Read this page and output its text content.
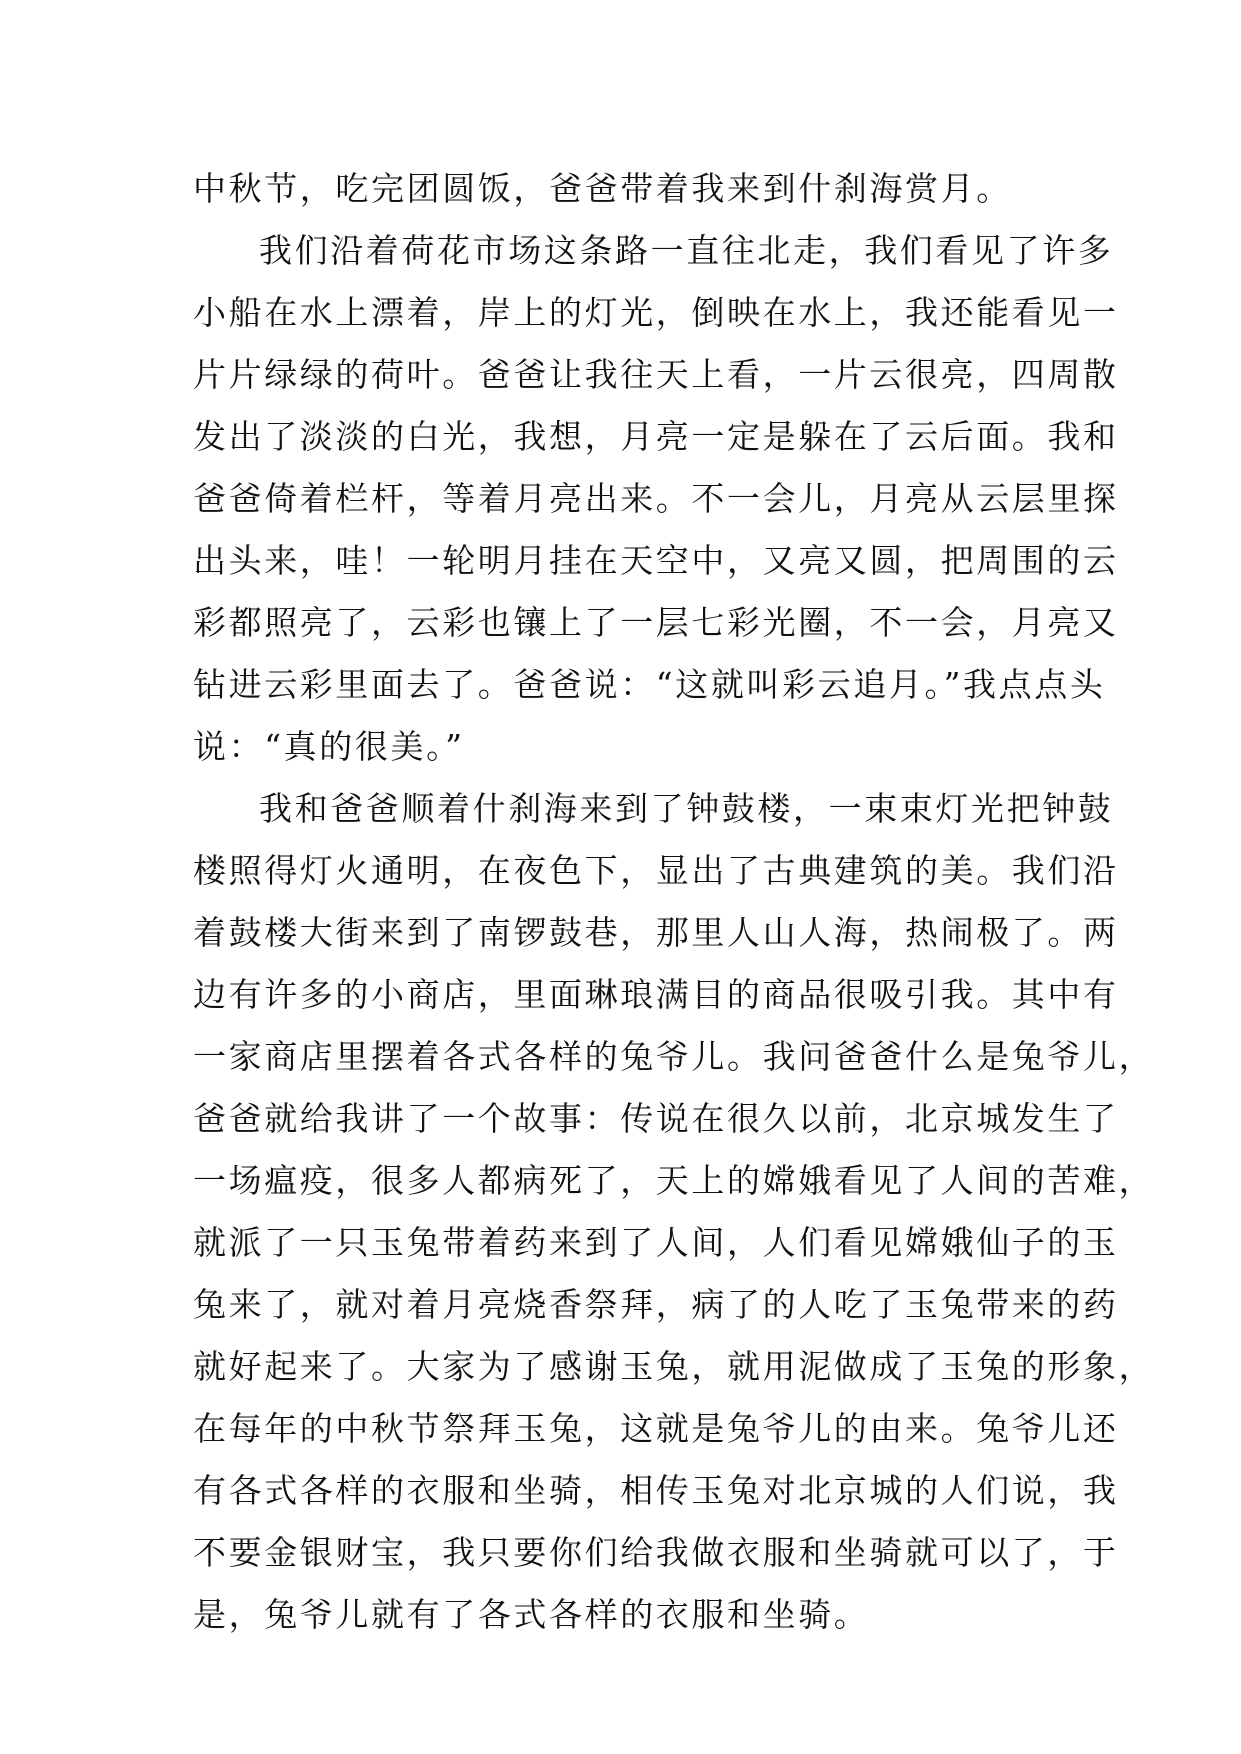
中秋节，吃完团圆饭，爸爸带着我来到什刹海赏月。
我们沿着荷花市场这条路一直往北走，我们看见了许多
小船在水上漂着，岸上的灯光，倒映在水上，我还能看见一
片片绿绿的荷叶。爸爸让我往天上看，一片云很亮，四周散
发出了淡淡的白光，我想，月亮一定是躲在了云后面。我和
爸爸倚着栏杆，等着月亮出来。不一会儿，月亮从云层里探
出头来，哇！一轮明月挂在天空中，又亮又圆，把周围的云
彩都照亮了，云彩也镶上了一层七彩光圈，不一会，月亮又
钻进云彩里面去了。爸爸说：“这就叫彩云追月。”我点点头
说：“真的很美。”
我和爸爸顺着什刹海来到了钟鼓楼，一束束灯光把钟鼓
楼照得灯火通明，在夜色下，显出了古典建筑的美。我们沿
着鼓楼大街来到了南锣鼓巷，那里人山人海，热闹极了。两
边有许多的小商店，里面琳琅满目的商品很吸引我。其中有
一家商店里摆着各式各样的兔爷儿。我问爸爸什么是兔爷儿，
爸爸就给我讲了一个故事：传说在很久以前，北京城发生了
一场瘟疫，很多人都病死了，天上的嫦娥看见了人间的苦难，
就派了一只玉兔带着药来到了人间，人们看见嫦娥仙子的玉
兔来了，就对着月亮烧香祭拜，病了的人吃了玉兔带来的药
就好起来了。大家为了感谢玉兔，就用泥做成了玉兔的形象，
在每年的中秋节祭拜玉兔，这就是兔爷儿的由来。兔爷儿还
有各式各样的衣服和坐骑，相传玉兔对北京城的人们说，我
不要金银财宝，我只要你们给我做衣服和坐骑就可以了，于
是，兔爷儿就有了各式各样的衣服和坐骑。
